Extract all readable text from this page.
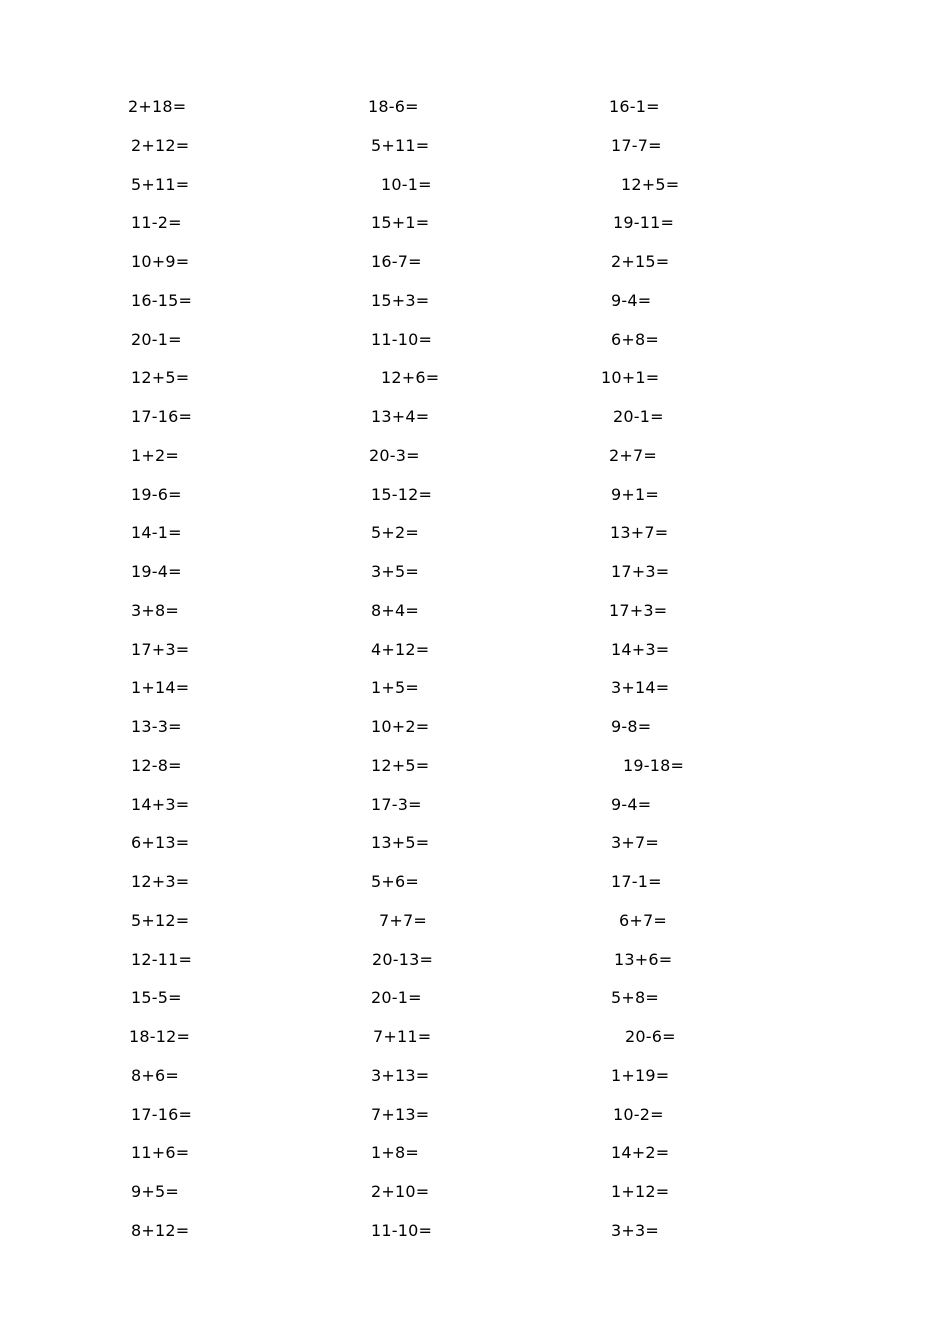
2+18=
2+12=
5+11=
11-2=
10+9=
16-15=
20-1=
12+5=
17-16=
1+2=
19-6=
14-1=
19-4=
3+8=
17+3=
1+14=
13-3=
12-8=
14+3=
6+13=
12+3=
5+12=
12-11=
15-5=
18-12=
8+6=
17-16=
11+6=
9+5=
8+12=
18-6=
5+11=
10-1=
15+1=
16-7=
15+3=
11-10=
12+6=
13+4=
20-3=
15-12=
5+2=
3+5=
8+4=
4+12=
1+5=
10+2=
12+5=
17-3=
13+5=
5+6=
7+7=
20-13=
20-1=
7+11=
3+13=
7+13=
1+8=
2+10=
11-10=
16-1=
17-7=
12+5=
19-11=
2+15=
9-4=
6+8=
10+1=
20-1=
2+7=
9+1=
13+7=
17+3=
17+3=
14+3=
3+14=
9-8=
19-18=
9-4=
3+7=
17-1=
6+7=
13+6=
5+8=
20-6=
1+19=
10-2=
14+2=
1+12=
3+3=
